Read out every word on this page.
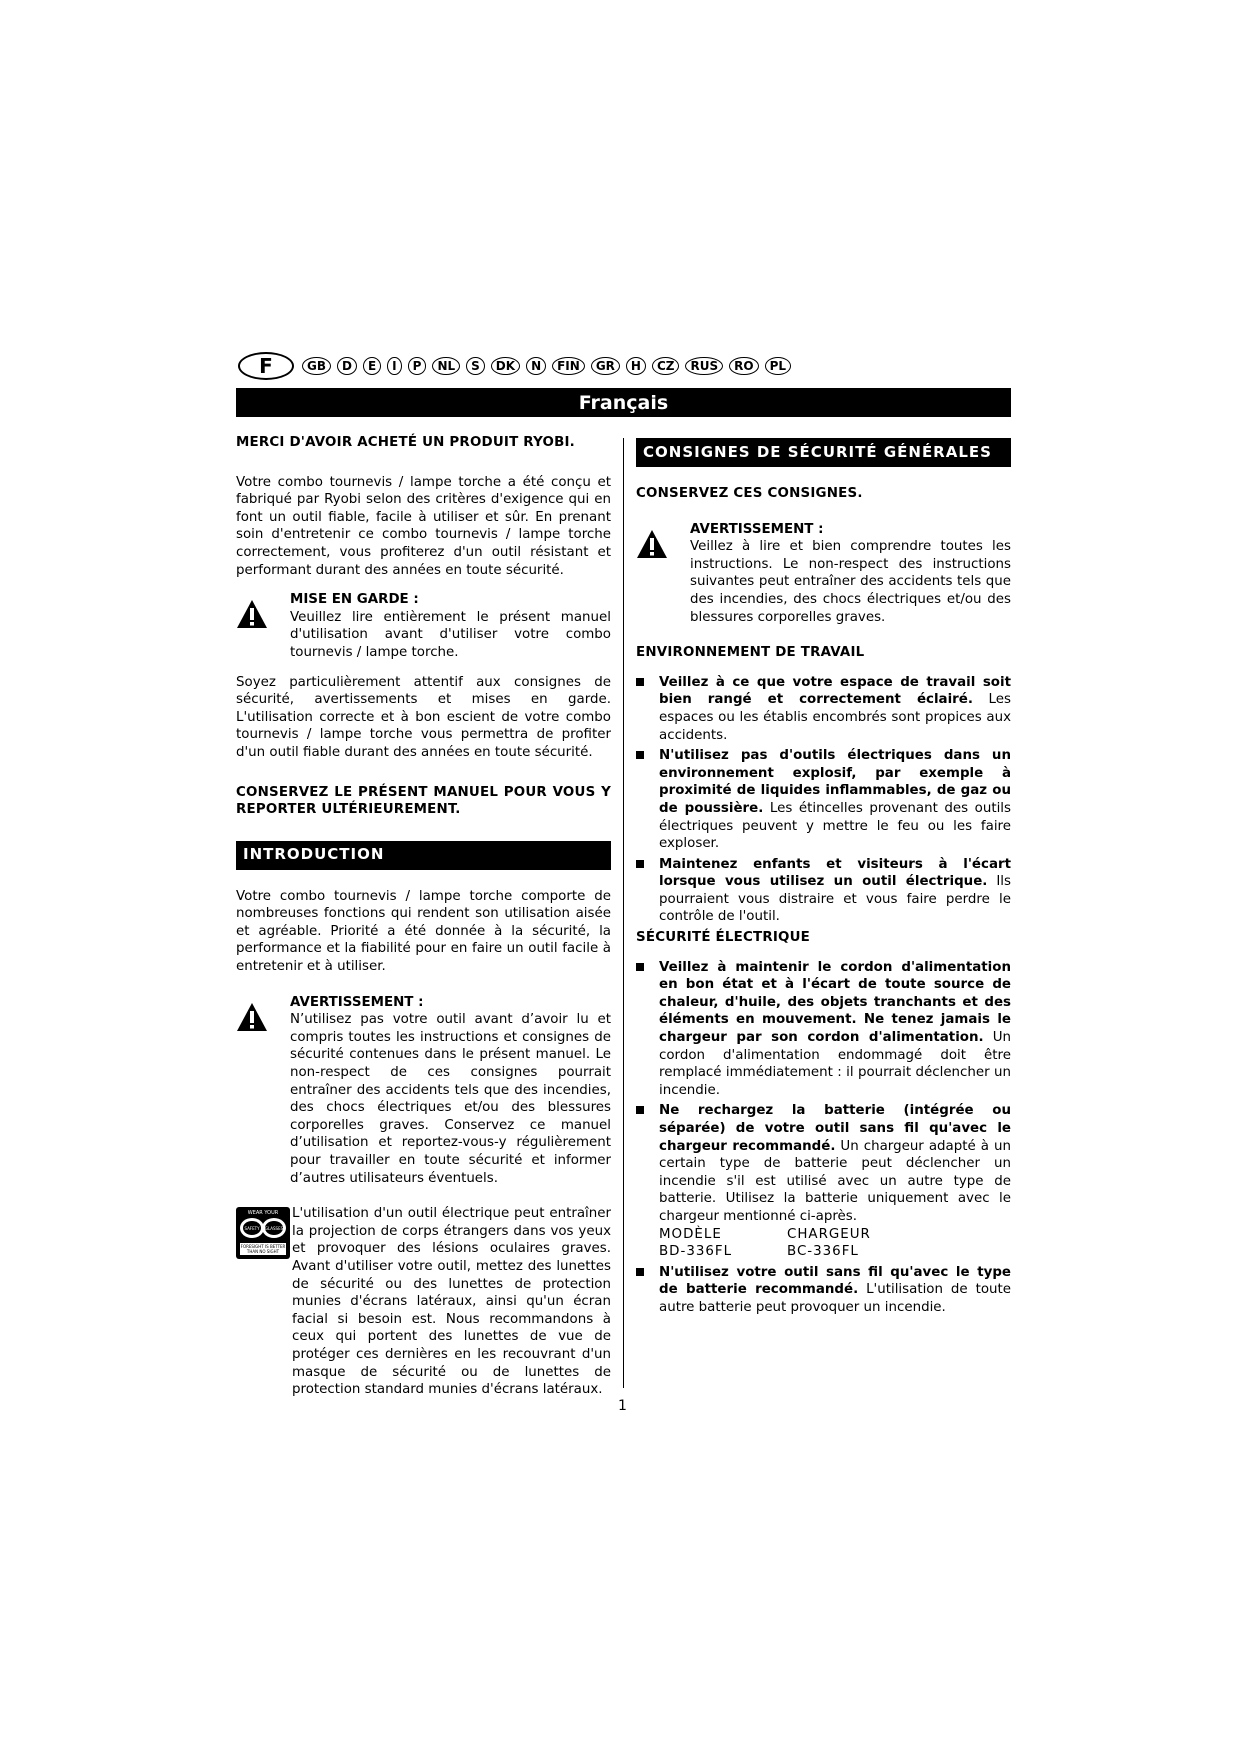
F	GB	D	E	I	P	NL	S	DK	N	FIN	GR	H	CZ	RUS	RO	PL
Français

MERCI D'AVOIR ACHETÉ UN PRODUIT RYOBI.

Votre combo tournevis / lampe torche a été conçu et fabriqué par Ryobi selon des critères d'exigence qui en font un outil fiable, facile à utiliser et sûr. En prenant soin d'entretenir ce combo tournevis / lampe torche correctement, vous profiterez d'un outil résistant et performant durant des années en toute sécurité.

MISE EN GARDE :

Veuillez lire entièrement le présent manuel d'utilisation avant d'utiliser votre combo tournevis / lampe torche.

Soyez particulièrement attentif aux consignes de sécurité, avertissements et mises en garde. L'utilisation correcte et à bon escient de votre combo tournevis / lampe torche vous permettra de profiter d'un outil fiable durant des années en toute sécurité.

CONSERVEZ LE PRÉSENT MANUEL POUR VOUS Y REPORTER ULTÉRIEUREMENT.

INTRODUCTION

Votre combo tournevis / lampe torche comporte de nombreuses fonctions qui rendent son utilisation aisée et agréable. Priorité a été donnée à la sécurité, la performance et la fiabilité pour en faire un outil facile à entretenir et à utiliser.

AVERTISSEMENT :

N’utilisez pas votre outil avant d’avoir lu et compris toutes les instructions et consignes de sécurité contenues dans le présent manuel. Le non-respect de ces consignes pourrait entraîner des accidents tels que des incendies, des chocs électriques et/ou des blessures corporelles graves. Conservez ce manuel d’utilisation et reportez-vous-y régulièrement pour travailler en toute sécurité et informer d’autres utilisateurs éventuels.

WEAR YOUR
SAFETY GLASSES
FORESIGHT IS BETTER
THAN NO SIGHT

L'utilisation d'un outil électrique peut entraîner la projection de corps étrangers dans vos yeux et provoquer des lésions oculaires graves. Avant d'utiliser votre outil, mettez des lunettes de sécurité ou des lunettes de protection munies d'écrans latéraux, ainsi qu'un écran facial si besoin est. Nous recommandons à ceux qui portent des lunettes de vue de protéger ces dernières en les recouvrant d'un masque de sécurité ou de lunettes de protection standard munies d'écrans latéraux.

CONSIGNES DE SÉCURITÉ GÉNÉRALES

CONSERVEZ CES CONSIGNES.

AVERTISSEMENT :

Veillez à lire et bien comprendre toutes les instructions. Le non-respect des instructions suivantes peut entraîner des accidents tels que des incendies, des chocs électriques et/ou des blessures corporelles graves.

ENVIRONNEMENT DE TRAVAIL

Veillez à ce que votre espace de travail soit bien rangé et correctement éclairé. Les espaces ou les établis encombrés sont propices aux accidents.
N'utilisez pas d'outils électriques dans un environnement explosif, par exemple à proximité de liquides inflammables, de gaz ou de poussière. Les étincelles provenant des outils électriques peuvent y mettre le feu ou les faire exploser.
Maintenez enfants et visiteurs à l'écart lorsque vous utilisez un outil électrique. Ils pourraient vous distraire et vous faire perdre le contrôle de l'outil.

SÉCURITÉ ÉLECTRIQUE

Veillez à maintenir le cordon d'alimentation en bon état et à l'écart de toute source de chaleur, d'huile, des objets tranchants et des éléments en mouvement. Ne tenez jamais le chargeur par son cordon d'alimentation. Un cordon d'alimentation endommagé doit être remplacé immédiatement : il pourrait déclencher un incendie.
Ne rechargez la batterie (intégrée ou séparée) de votre outil sans fil qu'avec le chargeur recommandé. Un chargeur adapté à un certain type de batterie peut déclencher un incendie s'il est utilisé avec un autre type de batterie. Utilisez la batterie uniquement avec le chargeur mentionné ci-après.
MODÈLE	CHARGEUR
BD-336FL	BC-336FL
N'utilisez votre outil sans fil qu'avec le type de batterie recommandé. L'utilisation de toute autre batterie peut provoquer un incendie.
1
